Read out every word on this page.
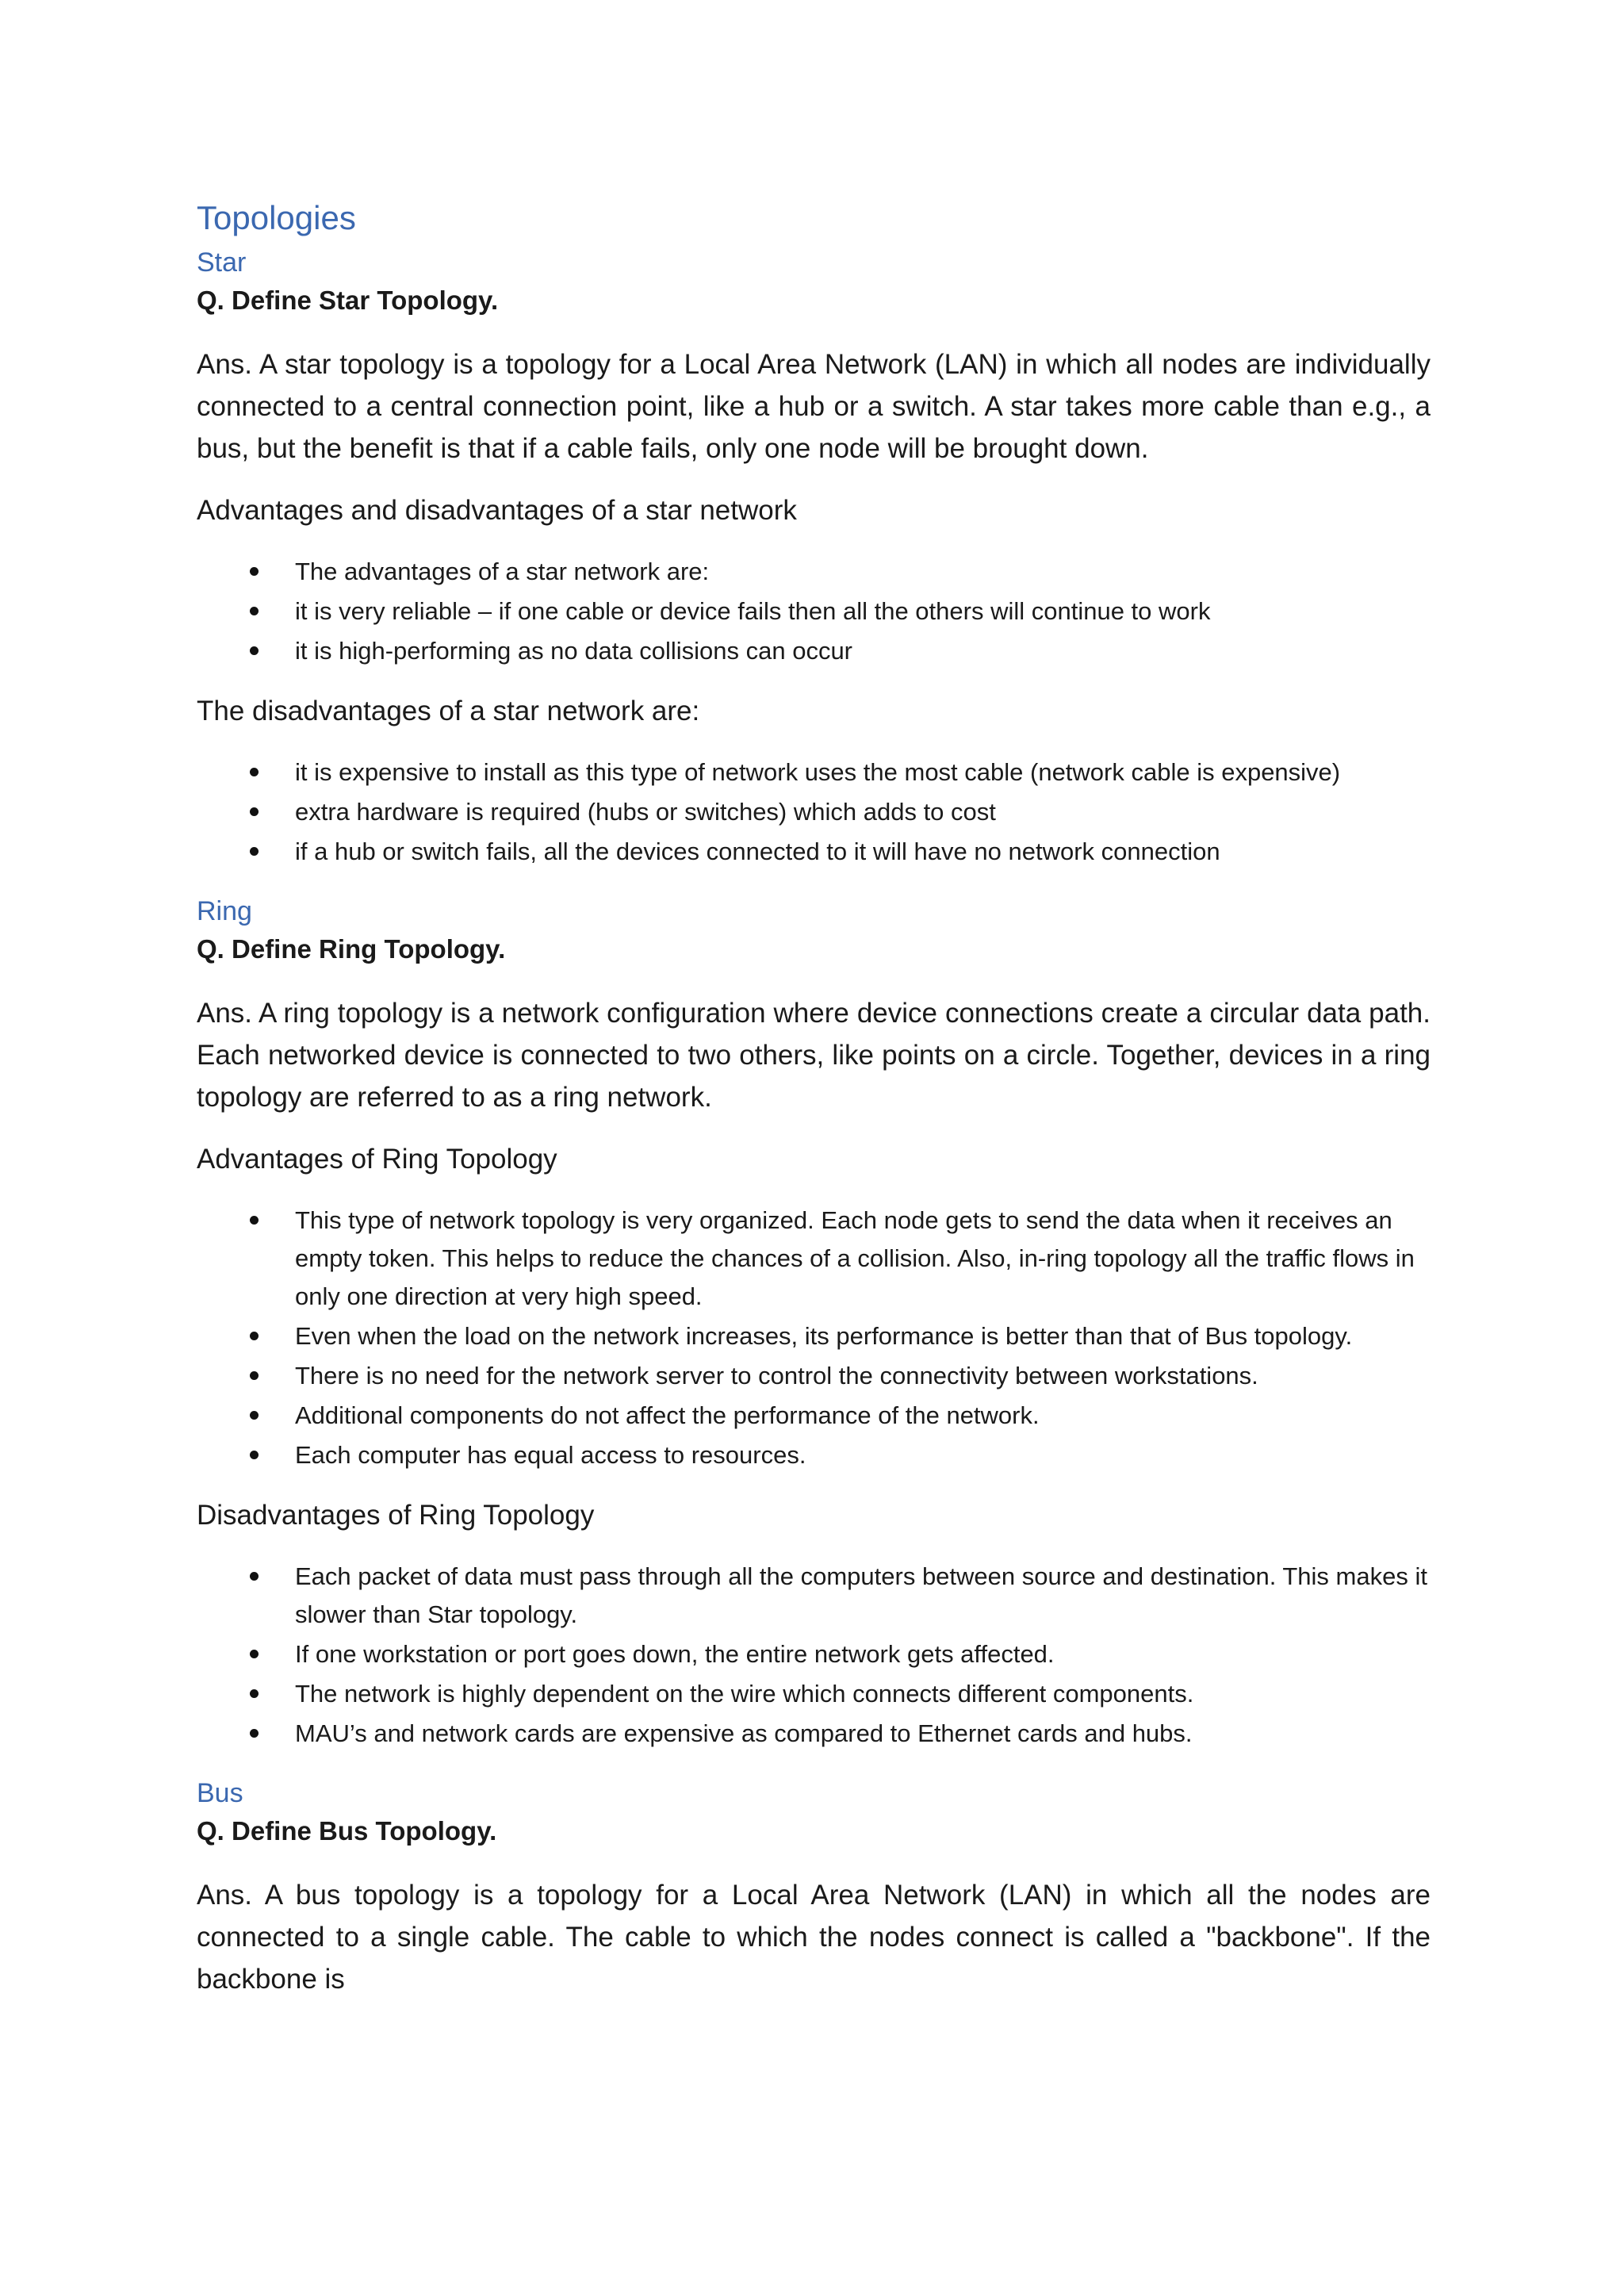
Topologies
Star
Q. Define Star Topology.
Ans. A star topology is a topology for a Local Area Network (LAN) in which all nodes are individually connected to a central connection point, like a hub or a switch. A star takes more cable than e.g., a bus, but the benefit is that if a cable fails, only one node will be brought down.
Advantages and disadvantages of a star network
The advantages of a star network are:
it is very reliable – if one cable or device fails then all the others will continue to work
it is high-performing as no data collisions can occur
The disadvantages of a star network are:
it is expensive to install as this type of network uses the most cable (network cable is expensive)
extra hardware is required (hubs or switches) which adds to cost
if a hub or switch fails, all the devices connected to it will have no network connection
Ring
Q. Define Ring Topology.
Ans. A ring topology is a network configuration where device connections create a circular data path. Each networked device is connected to two others, like points on a circle. Together, devices in a ring topology are referred to as a ring network.
Advantages of Ring Topology
This type of network topology is very organized. Each node gets to send the data when it receives an empty token. This helps to reduce the chances of a collision. Also, in-ring topology all the traffic flows in only one direction at very high speed.
Even when the load on the network increases, its performance is better than that of Bus topology.
There is no need for the network server to control the connectivity between workstations.
Additional components do not affect the performance of the network.
Each computer has equal access to resources.
Disadvantages of Ring Topology
Each packet of data must pass through all the computers between source and destination. This makes it slower than Star topology.
If one workstation or port goes down, the entire network gets affected.
The network is highly dependent on the wire which connects different components.
MAU’s and network cards are expensive as compared to Ethernet cards and hubs.
Bus
Q. Define Bus Topology.
Ans. A bus topology is a topology for a Local Area Network (LAN) in which all the nodes are connected to a single cable. The cable to which the nodes connect is called a "backbone". If the backbone is
